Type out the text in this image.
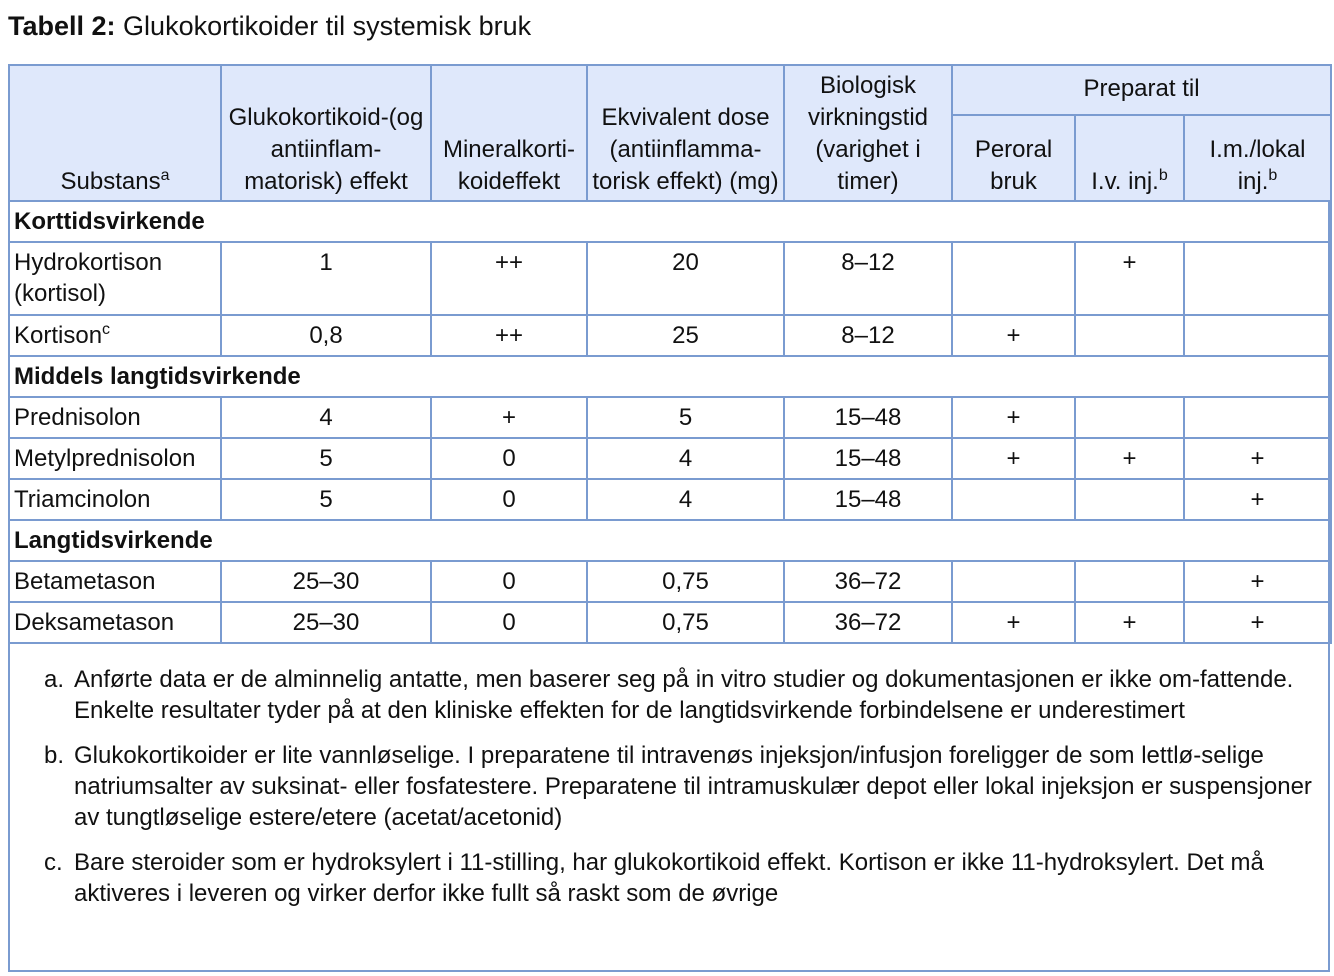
Tabell 2: Glukokortikoider til systemisk bruk
Substans$^a$	Glukokortikoid-(og antiinflam-matorisk) effekt	Mineralkorti-koideffekt	Ekvivalent dose (antiinflamma-torisk effekt) (mg)	Biologisk virkningstid (varighet i timer)	Preparat til		
					Peroral bruk	I.v. inj.$^b$	I.m./lokal inj.$^b$
Korttidsvirkende							
Hydrokortison (kortisol)	1	++	20	8–12		+	
Kortison$^c$	0,8	++	25	8–12	+		
Middels langtidsvirkende							
Prednisolon	4	+	5	15–48	+		
Metylprednisolon	5	0	4	15–48	+	+	+
Triamcinolon	5	0	4	15–48			+
Langtidsvirkende							
Betametason	25–30	0	0,75	36–72			+
Deksametason	25–30	0	0,75	36–72	+	+	+
a. Anførte data er de alminnelig antatte, men baserer seg på in vitro studier og dokumentasjonen er ikke om-fattende. Enkelte resultater tyder på at den kliniske effekten for de langtidsvirkende forbindelsene er underestimert
b. Glukokortikoider er lite vannløselige. I preparatene til intravenøs injeksjon/infusjon foreligger de som lettlø-selige natriumsalter av suksinat- eller fosfatestere. Preparatene til intramuskulær depot eller lokal injeksjon er suspensjoner av tungtløselige estere/etere (acetat/acetonid)
c. Bare steroider som er hydroksylert i 11-stilling, har glukokortikoid effekt. Kortison er ikke 11-hydroksylert. Det må aktiveres i leveren og virker derfor ikke fullt så raskt som de øvrige
